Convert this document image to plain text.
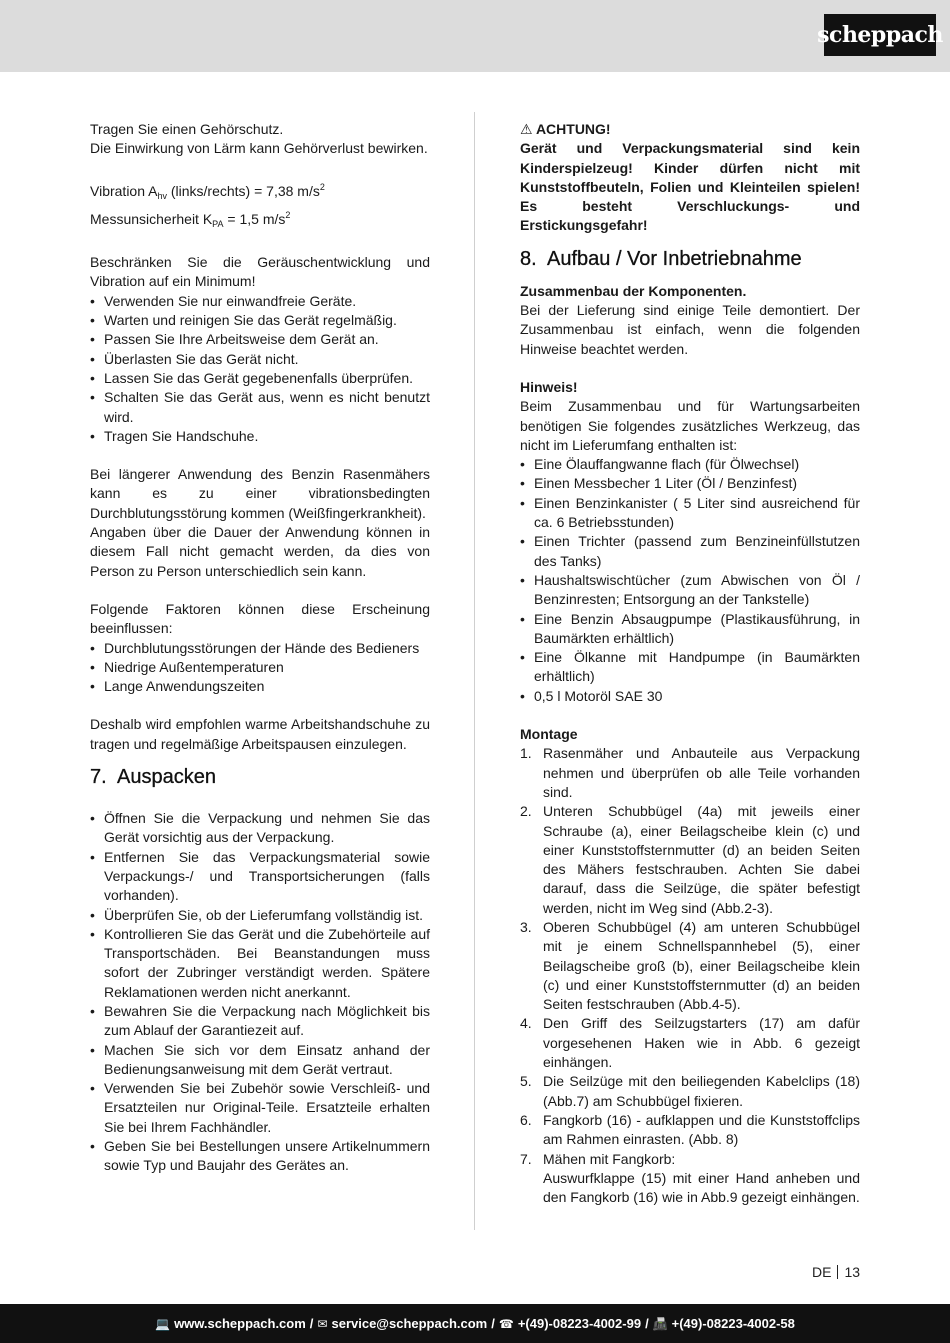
scheppach

Tragen Sie einen Gehörschutz.

Die Einwirkung von Lärm kann Gehörverlust bewirken.

Vibration $A_{hv}$ (links/rechts) = 7,38 $m/s^2$

Messunsicherheit $K_{PA} = 1,5$ $m/s^2$

Beschränken Sie die Geräuschentwicklung und Vibration auf ein Minimum!

• Verwenden Sie nur einwandfreie Geräte.
• Warten und reinigen Sie das Gerät regelmäßig.
• Passen Sie Ihre Arbeitsweise dem Gerät an.
• Überlasten Sie das Gerät nicht.
• Lassen Sie das Gerät gegebenenfalls überprüfen.
• Schalten Sie das Gerät aus, wenn es nicht benutzt wird.
• Tragen Sie Handschuhe.

Bei längerer Anwendung des Benzin Rasenmähers kann es zu einer vibrationsbedingten Durchblutungsstörung kommen (Weißfingerkrankheit).

Angaben über die Dauer der Anwendung können in diesem Fall nicht gemacht werden, da dies von Person zu Person unterschiedlich sein kann.

Folgende Faktoren können diese Erscheinung beeinflussen:

• Durchblutungsstörungen der Hände des Bedieners
• Niedrige Außentemperaturen
• Lange Anwendungszeiten

Deshalb wird empfohlen warme Arbeitshandschuhe zu tragen und regelmäßige Arbeitspausen einzulegen.

7. Auspacken
• Öffnen Sie die Verpackung und nehmen Sie das Gerät vorsichtig aus der Verpackung.
• Entfernen Sie das Verpackungsmaterial sowie Verpackungs-/ und Transportsicherungen (falls vorhanden).
• Überprüfen Sie, ob der Lieferumfang vollständig ist.
• Kontrollieren Sie das Gerät und die Zubehörteile auf Transportschäden. Bei Beanstandungen muss sofort der Zubringer verständigt werden. Spätere Reklamationen werden nicht anerkannt.
• Bewahren Sie die Verpackung nach Möglichkeit bis zum Ablauf der Garantiezeit auf.
• Machen Sie sich vor dem Einsatz anhand der Bedienungsanweisung mit dem Gerät vertraut.
• Verwenden Sie bei Zubehör sowie Verschleiß- und Ersatzteilen nur Original-Teile. Ersatzteile erhalten Sie bei Ihrem Fachhändler.
• Geben Sie bei Bestellungen unsere Artikelnummern sowie Typ und Baujahr des Gerätes an.

⚠ ACHTUNG!

Gerät und Verpackungsmaterial sind kein Kinderspielzeug! Kinder dürfen nicht mit Kunststoffbeuteln, Folien und Kleinteilen spielen! Es besteht Verschluckungs- und Erstickungsgefahr!

8. Aufbau / Vor Inbetriebnahme

Zusammenbau der Komponenten.

Bei der Lieferung sind einige Teile demontiert. Der Zusammenbau ist einfach, wenn die folgenden Hinweise beachtet werden.

Hinweis!

Beim Zusammenbau und für Wartungsarbeiten benötigen Sie folgendes zusätzliches Werkzeug, das nicht im Lieferumfang enthalten ist:

• Eine Ölauffangwanne flach (für Ölwechsel)
• Einen Messbecher 1 Liter (Öl / Benzinfest)
• Einen Benzinkanister ( 5 Liter sind ausreichend für ca. 6 Betriebsstunden)
• Einen Trichter (passend zum Benzineinfüllstutzen des Tanks)
• Haushaltswischtücher (zum Abwischen von Öl / Benzinresten; Entsorgung an der Tankstelle)
• Eine Benzin Absaugpumpe (Plastikausführung, in Baumärkten erhältlich)
• Eine Ölkanne mit Handpumpe (in Baumärkten erhältlich)
• 0,5 l Motoröl SAE 30

Montage

1. Rasenmäher und Anbauteile aus Verpackung nehmen und überprüfen ob alle Teile vorhanden sind.
2. Unteren Schubbügel (4a) mit jeweils einer Schraube (a), einer Beilagscheibe klein (c) und einer Kunststoffsternmutter (d) an beiden Seiten des Mähers festschrauben. Achten Sie dabei darauf, dass die Seilzüge, die später befestigt werden, nicht im Weg sind (Abb.2-3).
3. Oberen Schubbügel (4) am unteren Schubbügel mit je einem Schnellspannhebel (5), einer Beilagscheibe groß (b), einer Beilagscheibe klein (c) und einer Kunststoffsternmutter (d) an beiden Seiten festschrauben (Abb.4-5).
4. Den Griff des Seilzugstarters (17) am dafür vorgesehenen Haken wie in Abb. 6 gezeigt einhängen.
5. Die Seilzüge mit den beiliegenden Kabelclips (18) (Abb.7) am Schubbügel fixieren.
6. Fangkorb (16) - aufklappen und die Kunststoffclips am Rahmen einrasten. (Abb. 8)
7. Mähen mit Fangkorb:
Auswurfklappe (15) mit einer Hand anheben und den Fangkorb (16) wie in Abb.9 gezeigt einhängen.
DE 13
💻 www.scheppach.com / ✉ service@scheppach.com / ☎ +(49)-08223-4002-99 / 📠 +(49)-08223-4002-58
